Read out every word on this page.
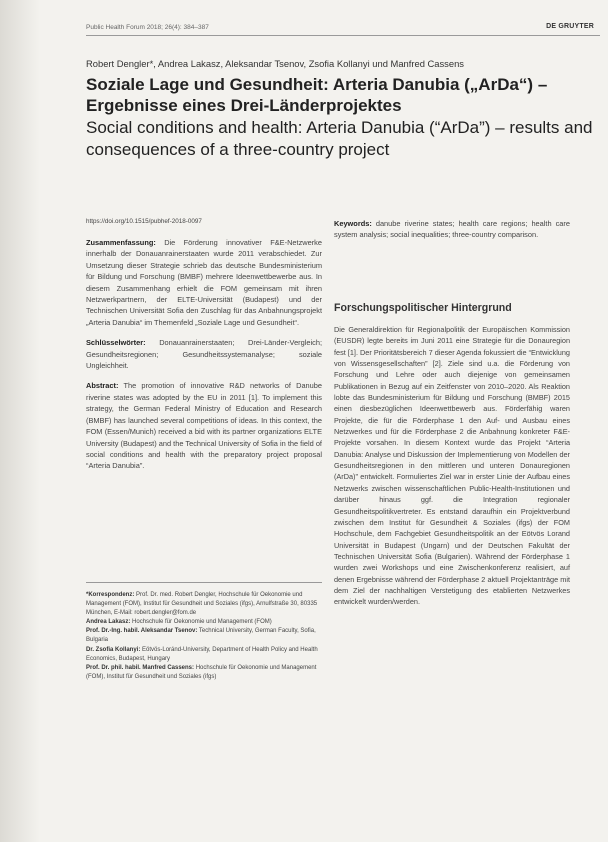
Public Health Forum 2018; 26(4): 384–387	DE GRUYTER
Robert Dengler*, Andrea Lakasz, Aleksandar Tsenov, Zsofia Kollanyi und Manfred Cassens
Soziale Lage und Gesundheit: Arteria Danubia („ArDa“) – Ergebnisse eines Drei-Länderprojektes
Social conditions and health: Arteria Danubia (“ArDa”) – results and consequences of a three-country project
https://doi.org/10.1515/pubhef-2018-0097

Zusammenfassung: Die Förderung innovativer F&E-Netzwerke innerhalb der Donauanrainerstaaten wurde 2011 verabschiedet. Zur Umsetzung dieser Strategie schrieb das deutsche Bundesministerium für Bildung und Forschung (BMBF) mehrere Ideenwettbewerbe aus. In diesem Zusammenhang erhielt die FOM gemeinsam mit ihren Netzwerkpartnern, der ELTE-Universität (Budapest) und der Technischen Universität Sofia den Zuschlag für das Anbahnungsprojekt „Arteria Danubia“ im Themenfeld „Soziale Lage und Gesundheit“.

Schlüsselwörter: Donauanrainerstaaten; Drei-Länder-Vergleich; Gesundheitsregionen; Gesundheitssystemanalyse; soziale Ungleichheit.

Abstract: The promotion of innovative R&D networks of Danube riverine states was adopted by the EU in 2011 [1]. To implement this strategy, the German Federal Ministry of Education and Research (BMBF) has launched several competitions of ideas. In this context, the FOM (Essen/Munich) received a bid with its partner organizations ELTE University (Budapest) and the Technical University of Sofia in the field of social conditions and health with the preparatory project proposal “Arteria Danubia”.

*Korrespondenz: Prof. Dr. med. Robert Dengler, Hochschule für Oekonomie und Management (FOM), Institut für Gesundheit und Soziales (ifgs), Arnulfstraße 30, 80335 München, E-Mail: robert.dengler@fom.de

Andrea Lakasz: Hochschule für Oekonomie und Management (FOM)

Prof. Dr.-Ing. habil. Aleksandar Tsenov: Technical University, German Faculty, Sofia, Bulgaria

Dr. Zsofia Kollanyi: Eötvös-Loránd-University, Department of Health Policy and Health Economics, Budapest, Hungary

Prof. Dr. phil. habil. Manfred Cassens: Hochschule für Oekonomie und Management (FOM), Institut für Gesundheit und Soziales (ifgs)

Keywords: danube riverine states; health care regions; health care system analysis; social inequalities; three-country comparison.

Forschungspolitischer Hintergrund

Die Generaldirektion für Regionalpolitik der Europäischen Kommission (EUSDR) legte bereits im Juni 2011 eine Strategie für die Donauregion fest [1]. Der Prioritätsbereich 7 dieser Agenda fokussiert die “Entwicklung von Wissensgesellschaften” [2]. Ziele sind u.a. die Förderung von Forschung und Lehre oder auch diejenige von gemeinsamen Publikationen in Bezug auf ein Zeitfenster von 2010–2020. Als Reaktion lobte das Bundesministerium für Bildung und Forschung (BMBF) 2015 einen diesbezüglichen Ideenwettbewerb aus. Förderfähig waren Projekte, die für die Förderphase 1 den Auf- und Ausbau eines Netzwerkes und für die Förderphase 2 die Anbahnung konkreter F&E-Projekte vorsahen. In diesem Kontext wurde das Projekt “Arteria Danubia: Analyse und Diskussion der Implementierung von Modellen der Gesundheitsregionen in den mittleren und unteren Donauregionen (ArDa)” entwickelt. Formuliertes Ziel war in erster Linie der Aufbau eines Netzwerks zwischen wissenschaftlichen Public-Health-Institutionen und darüber hinaus ggf. die Integration regionaler Gesundheitspolitikvertreter. Es entstand daraufhin ein Projektverbund zwischen dem Institut für Gesundheit & Soziales (ifgs) der FOM Hochschule, dem Fachgebiet Gesundheitspolitik an der Eötvös Lorand Universität in Budapest (Ungarn) und der Deutschen Fakultät der Technischen Universität Sofia (Bulgarien). Während der Förderphase 1 wurden zwei Workshops und eine Zwischenkonferenz realisiert, auf denen Ergebnisse während der Förderphase 2 aktuell Projektanträge mit dem Ziel der nachhaltigen Verstetigung des etablierten Netzwerkes entwickelt wurden/werden.
